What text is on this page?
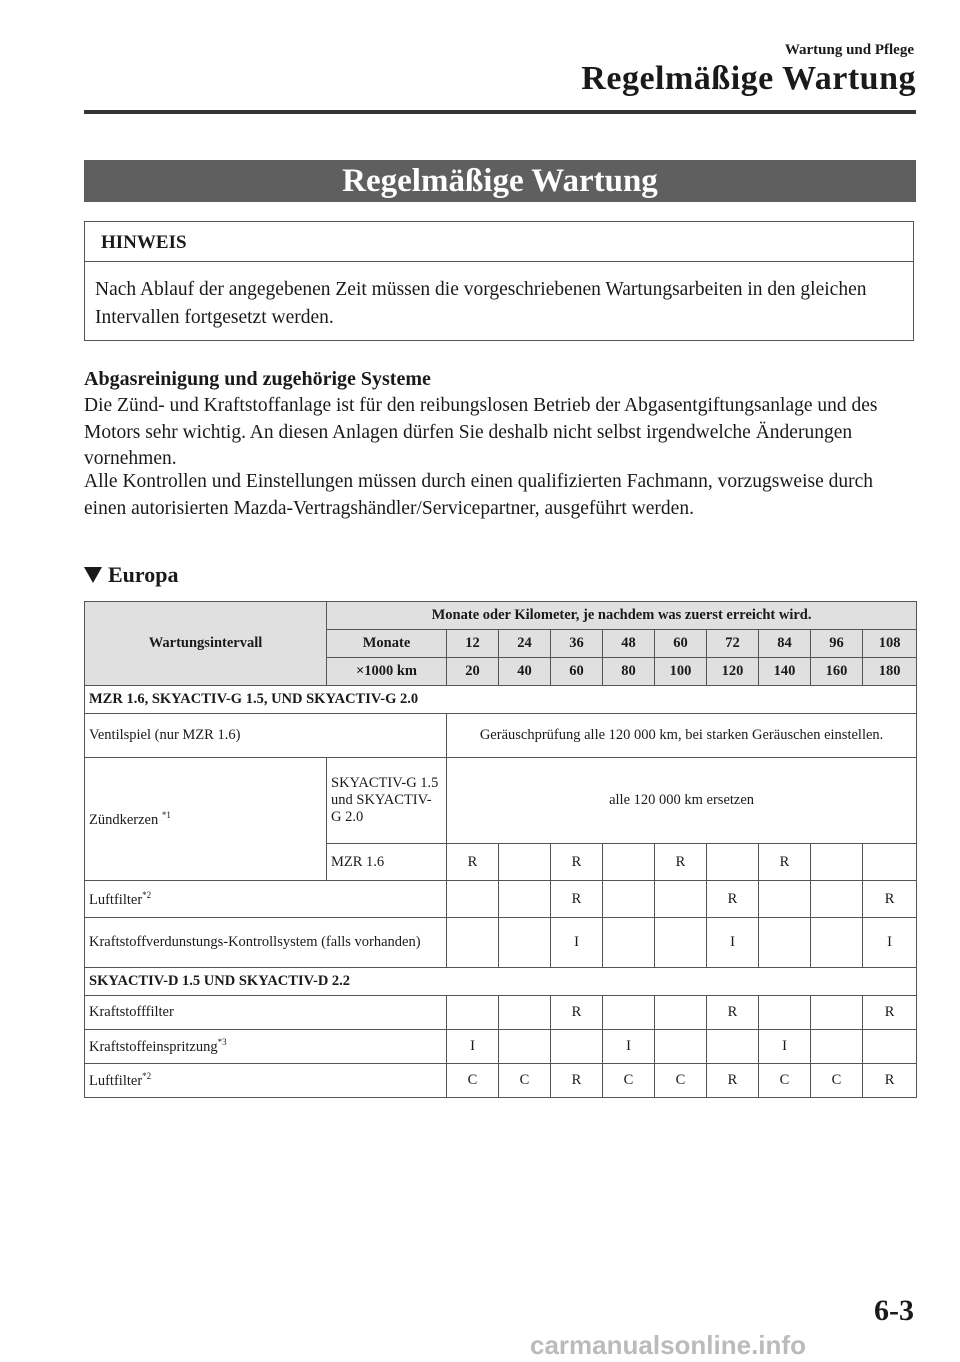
Wartung und Pflege
Regelmäßige Wartung
Regelmäßige Wartung
HINWEIS
Nach Ablauf der angegebenen Zeit müssen die vorgeschriebenen Wartungsarbeiten in den gleichen Intervallen fortgesetzt werden.
Abgasreinigung und zugehörige Systeme
Die Zünd- und Kraftstoffanlage ist für den reibungslosen Betrieb der Abgasentgiftungsanlage und des Motors sehr wichtig. An diesen Anlagen dürfen Sie deshalb nicht selbst irgendwelche Änderungen vornehmen.
Alle Kontrollen und Einstellungen müssen durch einen qualifizierten Fachmann, vorzugsweise durch einen autorisierten Mazda-Vertragshändler/Servicepartner, ausgeführt werden.
Europa
Wartungsintervall	Monate oder Kilometer, je nachdem was zuerst erreicht wird.									
	Monate	12	24	36	48	60	72	84	96	108
	×1000 km	20	40	60	80	100	120	140	160	180
MZR 1.6, SKYACTIV-G 1.5, UND SKYACTIV-G 2.0										
Ventilspiel (nur MZR 1.6)		Geräuschprüfung alle 120 000 km, bei starken Geräuschen einstellen.								
Zündkerzen $^{*1}$	SKYACTIV-G 1.5 und SKYACTIV-G 2.0	alle 120 000 km ersetzen								
	MZR 1.6	R		R		R		R		
Luftfilter$^{*2}$				R			R			R
Kraftstoffverdunstungs-Kontrollsystem (falls vorhanden)				I			I			I
SKYACTIV-D 1.5 UND SKYACTIV-D 2.2										
Kraftstofffilter				R			R			R
Kraftstoffeinspritzung$^{*3}$		I			I			I		
Luftfilter$^{*2}$		C	C	R	C	C	R	C	C	R
6-3
carmanualsonline.info
